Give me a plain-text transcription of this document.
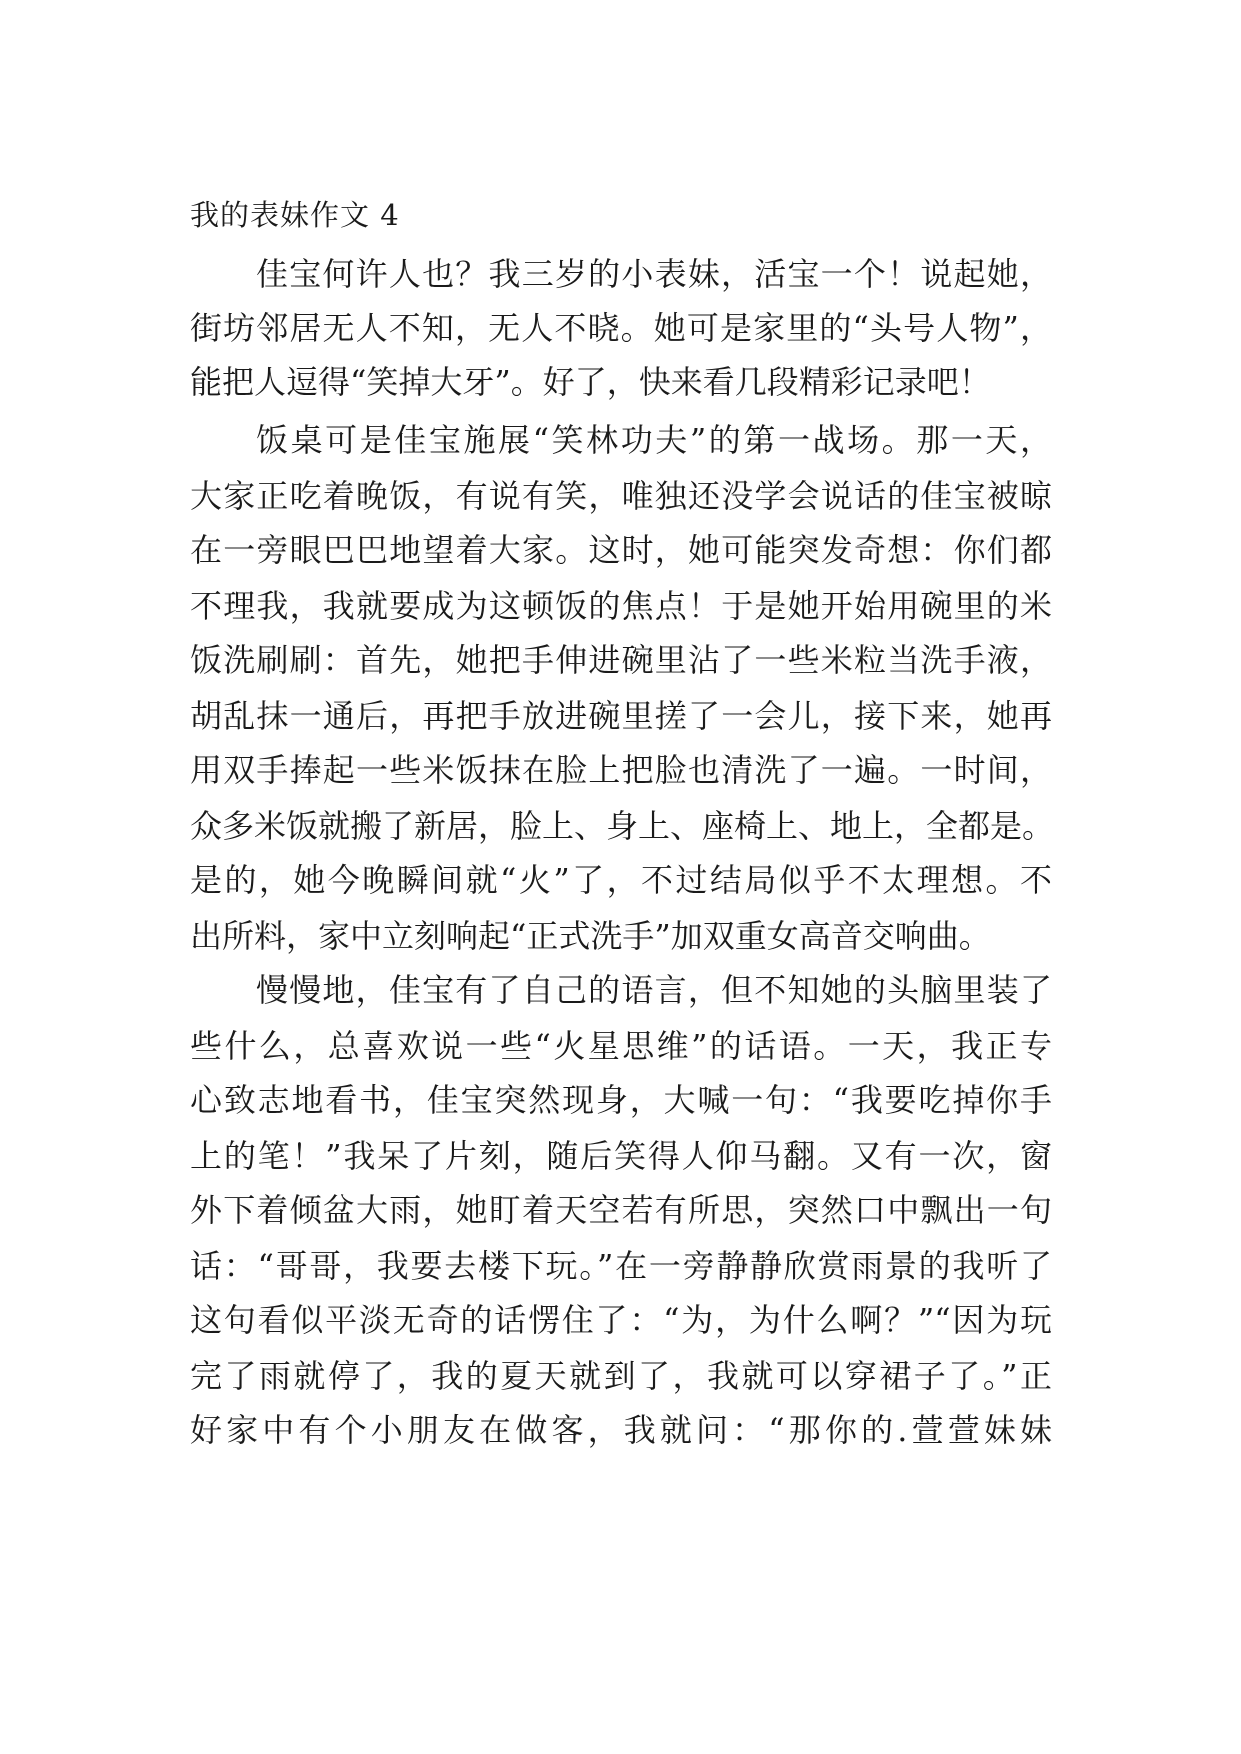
我的表妹作文 4

佳宝何许人也？我三岁的小表妹，活宝一个！说起她，

街坊邻居无人不知，无人不晓。她可是家里的“头号人物”，

能把人逗得“笑掉大牙”。好了，快来看几段精彩记录吧！

饭桌可是佳宝施展“笑林功夫”的第一战场。那一天，

大家正吃着晚饭，有说有笑，唯独还没学会说话的佳宝被晾

在一旁眼巴巴地望着大家。这时，她可能突发奇想：你们都

不理我，我就要成为这顿饭的焦点！于是她开始用碗里的米

饭洗刷刷：首先，她把手伸进碗里沾了一些米粒当洗手液，

胡乱抹一通后，再把手放进碗里搓了一会儿，接下来，她再

用双手捧起一些米饭抹在脸上把脸也清洗了一遍。一时间，

众多米饭就搬了新居，脸上、身上、座椅上、地上，全都是。

是的，她今晚瞬间就“火”了，不过结局似乎不太理想。不

出所料，家中立刻响起“正式洗手”加双重女高音交响曲。

慢慢地，佳宝有了自己的语言，但不知她的头脑里装了

些什么，总喜欢说一些“火星思维”的话语。一天，我正专

心致志地看书，佳宝突然现身，大喊一句：“我要吃掉你手

上的笔！”我呆了片刻，随后笑得人仰马翻。又有一次，窗

外下着倾盆大雨，她盯着天空若有所思，突然口中飘出一句

话：“哥哥，我要去楼下玩。”在一旁静静欣赏雨景的我听了

这句看似平淡无奇的话愣住了：“为，为什么啊？”“因为玩

完了雨就停了，我的夏天就到了，我就可以穿裙子了。”正

好家中有个小朋友在做客，我就问：“那你的.萱萱妹妹
